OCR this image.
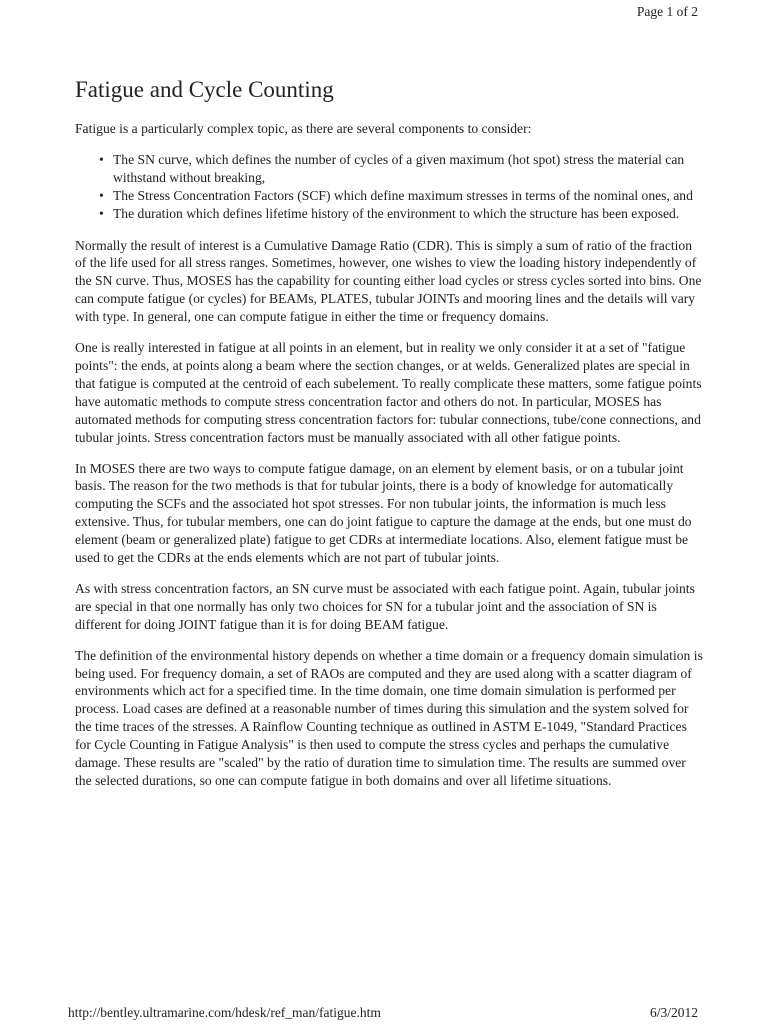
Page 1 of 2
Fatigue and Cycle Counting

Fatigue is a particularly complex topic, as there are several components to consider:

• The SN curve, which defines the number of cycles of a given maximum (hot spot) stress the material can withstand without breaking,
• The Stress Concentration Factors (SCF) which define maximum stresses in terms of the nominal ones, and
• The duration which defines lifetime history of the environment to which the structure has been exposed.

Normally the result of interest is a Cumulative Damage Ratio (CDR). This is simply a sum of ratio of the fraction of the life used for all stress ranges. Sometimes, however, one wishes to view the loading history independently of the SN curve. Thus, MOSES has the capability for counting either load cycles or stress cycles sorted into bins. One can compute fatigue (or cycles) for BEAMs, PLATES, tubular JOINTs and mooring lines and the details will vary with type. In general, one can compute fatigue in either the time or frequency domains.

One is really interested in fatigue at all points in an element, but in reality we only consider it at a set of "fatigue points": the ends, at points along a beam where the section changes, or at welds. Generalized plates are special in that fatigue is computed at the centroid of each subelement. To really complicate these matters, some fatigue points have automatic methods to compute stress concentration factor and others do not. In particular, MOSES has automated methods for computing stress concentration factors for: tubular connections, tube/cone connections, and tubular joints. Stress concentration factors must be manually associated with all other fatigue points.

In MOSES there are two ways to compute fatigue damage, on an element by element basis, or on a tubular joint basis. The reason for the two methods is that for tubular joints, there is a body of knowledge for automatically computing the SCFs and the associated hot spot stresses. For non tubular joints, the information is much less extensive. Thus, for tubular members, one can do joint fatigue to capture the damage at the ends, but one must do element (beam or generalized plate) fatigue to get CDRs at intermediate locations. Also, element fatigue must be used to get the CDRs at the ends elements which are not part of tubular joints.

As with stress concentration factors, an SN curve must be associated with each fatigue point. Again, tubular joints are special in that one normally has only two choices for SN for a tubular joint and the association of SN is different for doing JOINT fatigue than it is for doing BEAM fatigue.

The definition of the environmental history depends on whether a time domain or a frequency domain simulation is being used. For frequency domain, a set of RAOs are computed and they are used along with a scatter diagram of environments which act for a specified time. In the time domain, one time domain simulation is performed per process. Load cases are defined at a reasonable number of times during this simulation and the system solved for the time traces of the stresses. A Rainflow Counting technique as outlined in ASTM E-1049, "Standard Practices for Cycle Counting in Fatigue Analysis" is then used to compute the stress cycles and perhaps the cumulative damage. These results are "scaled" by the ratio of duration time to simulation time. The results are summed over the selected durations, so one can compute fatigue in both domains and over all lifetime situations.

http://bentley.ultramarine.com/hdesk/ref_man/fatigue.htm	6/3/2012
